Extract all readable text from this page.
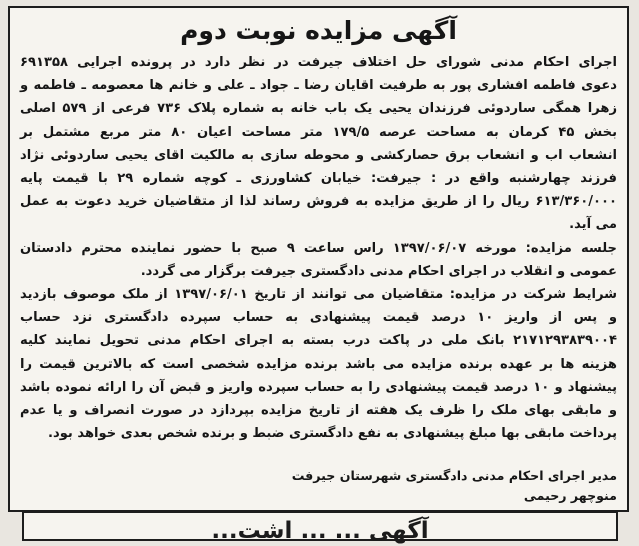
آگهی مزایده نوبت دوم
اجرای احکام مدنی شورای حل اختلاف جیرفت در نظر دارد در پرونده اجرایی ۶۹۱۳۵۸
دعوی فاطمه افشاری پور به طرفیت اقایان رضا ـ جواد ـ علی و خانم ها معصومه ـ فاطمه و
زهرا همگی ساردوئی فرزندان یحیی یک باب خانه به شماره پلاک ۷۳۶ فرعی از ۵۷۹ اصلی
بخش ۴۵ کرمان به مساحت عرصه ۱۷۹/۵ متر مساحت اعیان ۸۰ متر مربع مشتمل بر
انشعاب اب و انشعاب برق حصارکشی و محوطه سازی به مالکیت اقای یحیی ساردوئی نژاد
فرزند چهارشنبه واقع در : جیرفت: خیابان کشاورزی ـ کوچه شماره ۲۹ با قیمت پایه
۶۱۳/۳۶۰/۰۰۰ ریال را از طریق مزایده به فروش رساند لذا از متقاضیان خرید دعوت به عمل
می آید.
جلسه مزایده: مورخه ۱۳۹۷/۰۶/۰۷ راس ساعت ۹ صبح با حضور نماینده محترم دادستان
عمومی و انقلاب در اجرای احکام مدنی دادگستری جیرفت برگزار می گردد.
شرایط شرکت در مزایده: متقاضیان می توانند از تاریخ ۱۳۹۷/۰۶/۰۱ از ملک موصوف بازدید
و پس از واریز ۱۰ درصد قیمت پیشنهادی به حساب سپرده دادگستری نزد حساب
۲۱۷۱۲۹۳۸۳۹۰۰۴ بانک ملی در پاکت درب بسته به اجرای احکام مدنی تحویل نمایند کلیه
هزینه ها بر عهده برنده مزایده می باشد برنده مزایده شخصی است که بالاترین قیمت را
پیشنهاد و ۱۰ درصد قیمت پیشنهادی را به حساب سپرده واریز و قبض آن را ارائه نموده باشد
و مابقی بهای ملک را ظرف یک هفته از تاریخ مزایده بپردازد در صورت انصراف و یا عدم
پرداخت مابقی بها مبلغ پیشنهادی به نفع دادگستری ضبط و برنده شخص بعدی خواهد بود.
مدیر اجرای احکام مدنی دادگستری شهرستان جیرفت
منوچهر رحیمی
آگهی ... ... اشت...
